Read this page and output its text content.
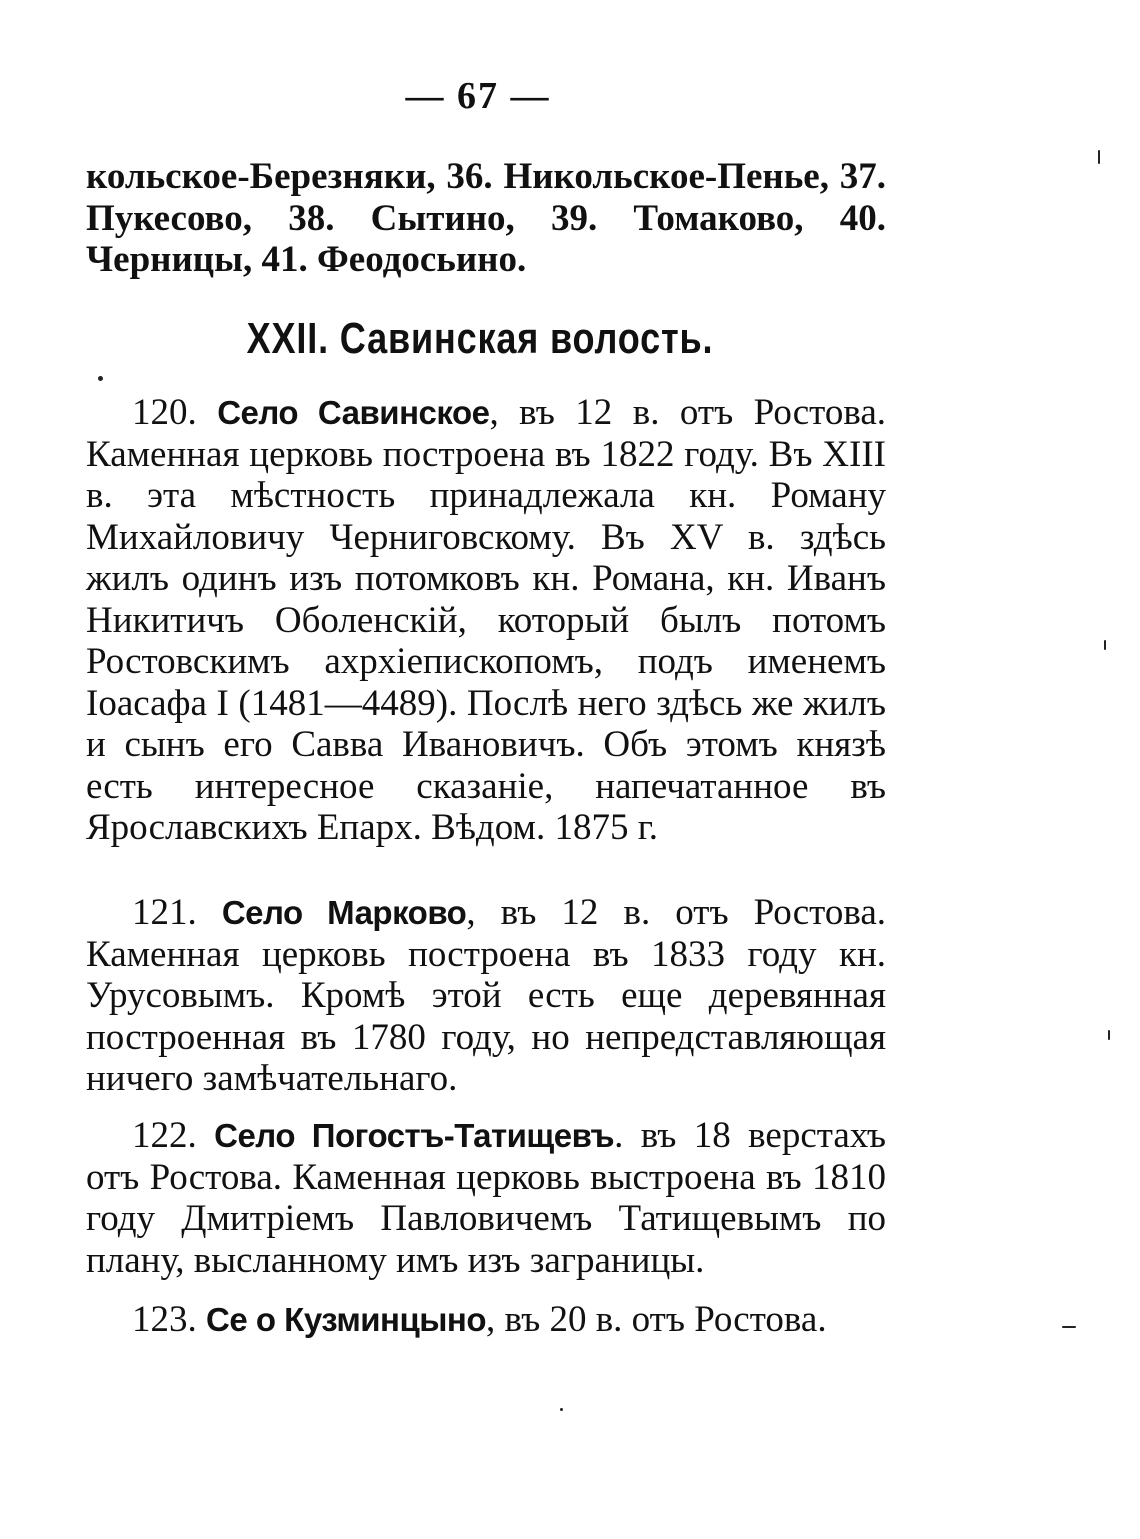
— 67 —
кольское-Березняки, 36. Никольское-Пенье, 37. Пукесово, 38. Сытино, 39. Томаково, 40. Черницы, 41. Феодосьино.
XXII. Савинская волость.

120. Село Савинское, въ 12 в. отъ Ростова. Каменная церковь построена въ 1822 году. Въ XIII в. эта мѣстность принадлежала кн. Роману Михайловичу Черниговскому. Въ XV в. здѣсь жилъ одинъ изъ потомковъ кн. Романа, кн. Иванъ Никитичъ Оболенскій, который былъ потомъ Ростовскимъ ахрхіепископомъ, подъ именемъ Іоасафа I (1481—4489). Послѣ него здѣсь же жилъ и сынъ его Савва Ивановичъ. Объ этомъ князѣ есть интересное сказаніе, напечатанное въ Ярославскихъ Епарх. Вѣдом. 1875 г.

121. Село Марково, въ 12 в. отъ Ростова. Каменная церковь построена въ 1833 году кн. Урусовымъ. Кромѣ этой есть еще деревянная построенная въ 1780 году, но непредставляющая ничего замѣчательнаго.

122. Село Погостъ-Татищевъ. въ 18 верстахъ отъ Ростова. Каменная церковь выстроена въ 1810 году Дмитріемъ Павловичемъ Татищевымъ по плану, высланному имъ изъ заграницы.

123. Се о Кузминцыно, въ 20 в. отъ Ростова.
